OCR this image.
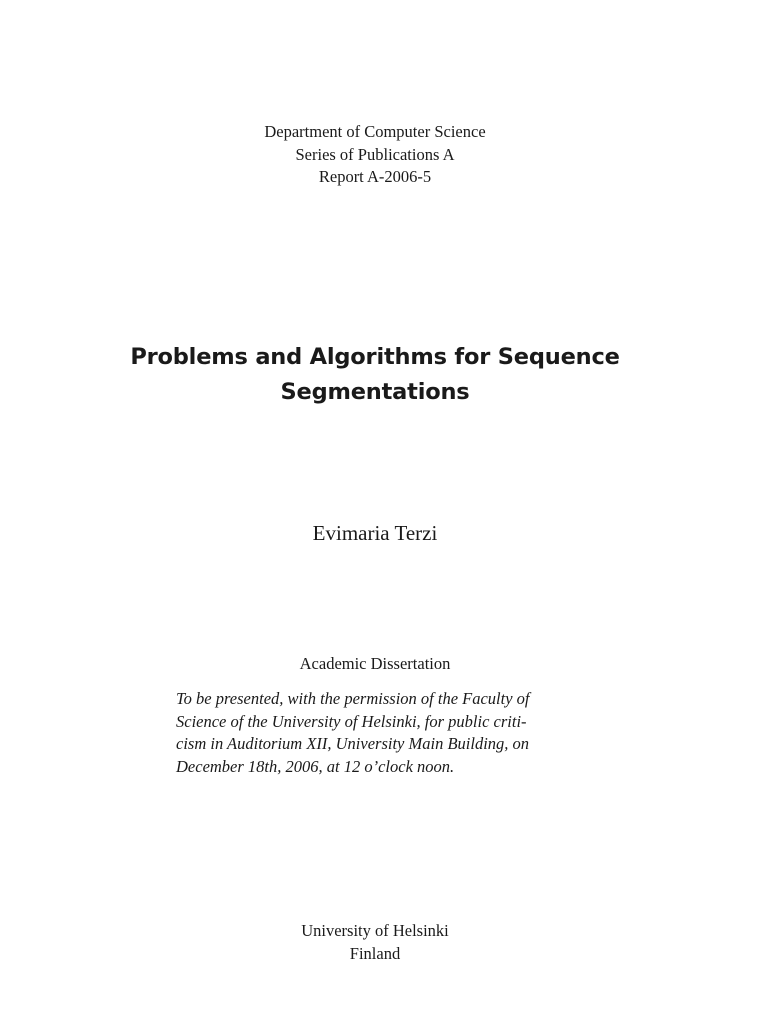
Department of Computer Science
Series of Publications A
Report A-2006-5
Problems and Algorithms for Sequence
Segmentations
Evimaria Terzi
Academic Dissertation
To be presented, with the permission of the Faculty of
Science of the University of Helsinki, for public criti-
cism in Auditorium XII, University Main Building, on
December 18th, 2006, at 12 o’clock noon.
University of Helsinki
Finland
